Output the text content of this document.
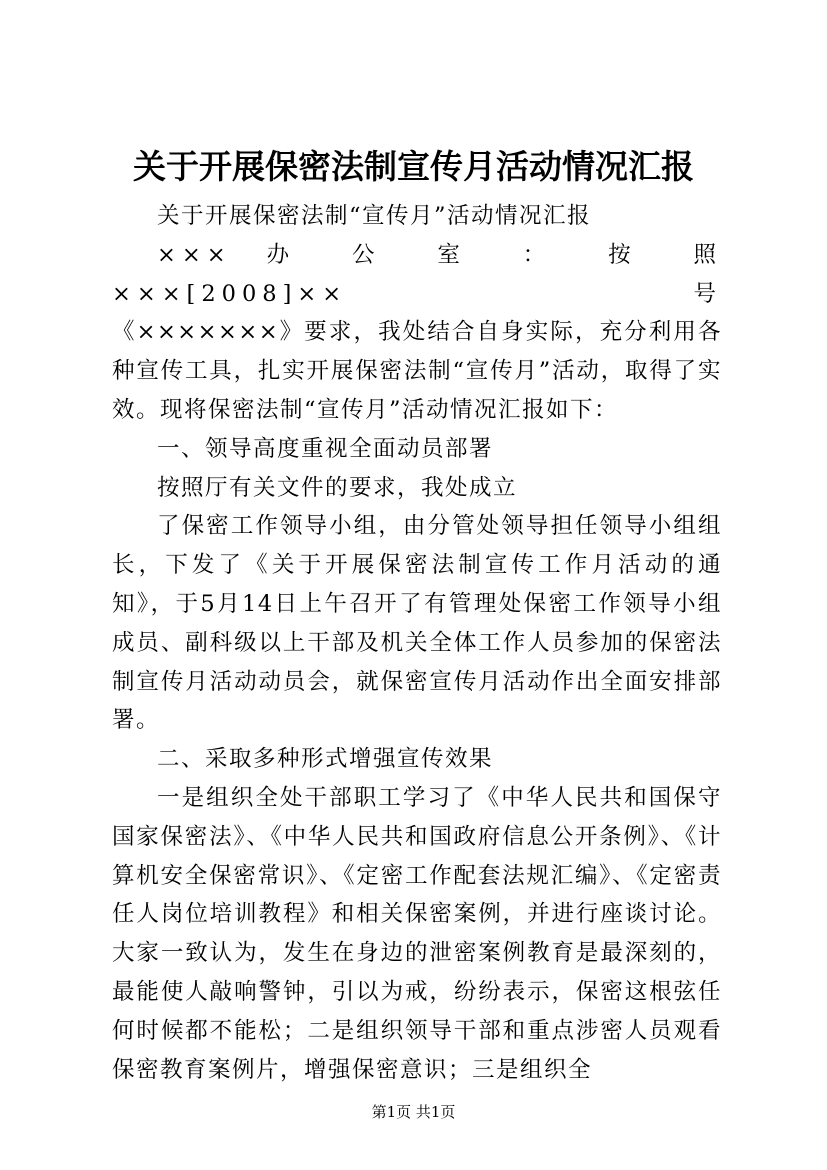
关于开展保密法制宣传月活动情况汇报

关于开展保密法制“宣传月”活动情况汇报

××× 办 公 室 ： 按 照 ×××[2008]×× 号

《×××××××》要求，我处结合自身实际，充分利用各种宣传工具，扎实开展保密法制“宣传月”活动，取得了实效。现将保密法制“宣传月”活动情况汇报如下：

一、领导高度重视全面动员部署

按照厅有关文件的要求，我处成立

了保密工作领导小组，由分管处领导担任领导小组组长，下发了《关于开展保密法制宣传工作月活动的通知》，于5月14日上午召开了有管理处保密工作领导小组成员、副科级以上干部及机关全体工作人员参加的保密法制宣传月活动动员会，就保密宣传月活动作出全面安排部署。

二、采取多种形式增强宣传效果

一是组织全处干部职工学习了《中华人民共和国保守国家保密法》、《中华人民共和国政府信息公开条例》、《计算机安全保密常识》、《定密工作配套法规汇编》、《定密责任人岗位培训教程》和相关保密案例，并进行座谈讨论。大家一致认为，发生在身边的泄密案例教育是最深刻的，最能使人敲响警钟，引以为戒，纷纷表示，保密这根弦任何时候都不能松；二是组织领导干部和重点涉密人员观看保密教育案例片，增强保密意识；三是组织全

第1页 共1页
